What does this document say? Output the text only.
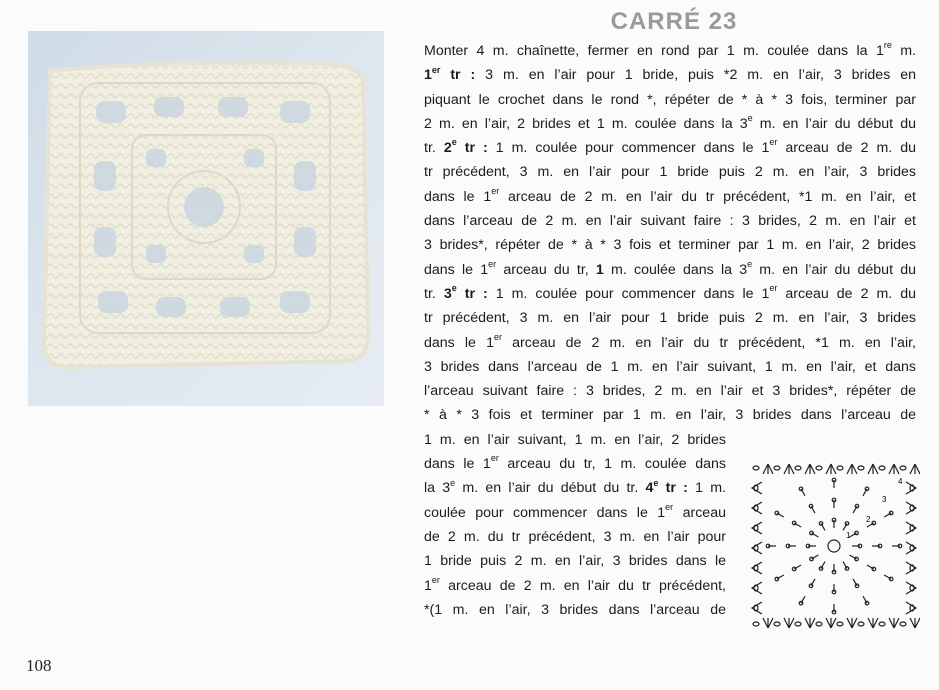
CARRÉ 23
Monter 4 m. chaînette, fermer en rond par 1 m. coulée dans la 1re m.
1er tr : 3 m. en l’air pour 1 bride, puis *2 m. en l’air, 3 brides en
piquant le crochet dans le rond *, répéter de * à * 3 fois, terminer par
2 m. en l’air, 2 brides et 1 m. coulée dans la 3e m. en l’air du début du
tr. 2e tr : 1 m. coulée pour commencer dans le 1er arceau de 2 m. du
tr précédent, 3 m. en l’air pour 1 bride puis 2 m. en l’air, 3 brides
dans le 1er arceau de 2 m. en l’air du tr précédent, *1 m. en l’air, et
dans l’arceau de 2 m. en l’air suivant faire : 3 brides, 2 m. en l’air et
3 brides*, répéter de * à * 3 fois et terminer par 1 m. en l’air, 2 brides
dans le 1er arceau du tr, 1 m. coulée dans la 3e m. en l’air du début du
tr. 3e tr : 1 m. coulée pour commencer dans le 1er arceau de 2 m. du
tr précédent, 3 m. en l’air pour 1 bride puis 2 m. en l’air, 3 brides
dans le 1er arceau de 2 m. en l’air du tr précédent, *1 m. en l’air,
3 brides dans l’arceau de 1 m. en l’air suivant, 1 m. en l’air, et dans
l’arceau suivant faire : 3 brides, 2 m. en l’air et 3 brides*, répéter de
* à * 3 fois et terminer par 1 m. en l’air, 3 brides dans l’arceau de
1 m. en l’air suivant, 1 m. en l’air, 2 brides
dans le 1er arceau du tr, 1 m. coulée dans
la 3e m. en l’air du début du tr. 4e tr : 1 m.
coulée pour commencer dans le 1er arceau
de 2 m. du tr précédent, 3 m. en l’air pour
1 bride puis 2 m. en l’air, 3 brides dans le
1er arceau de 2 m. en l’air du tr précédent,
*(1 m. en l’air, 3 brides dans l’arceau de
1
2
3
4
108
